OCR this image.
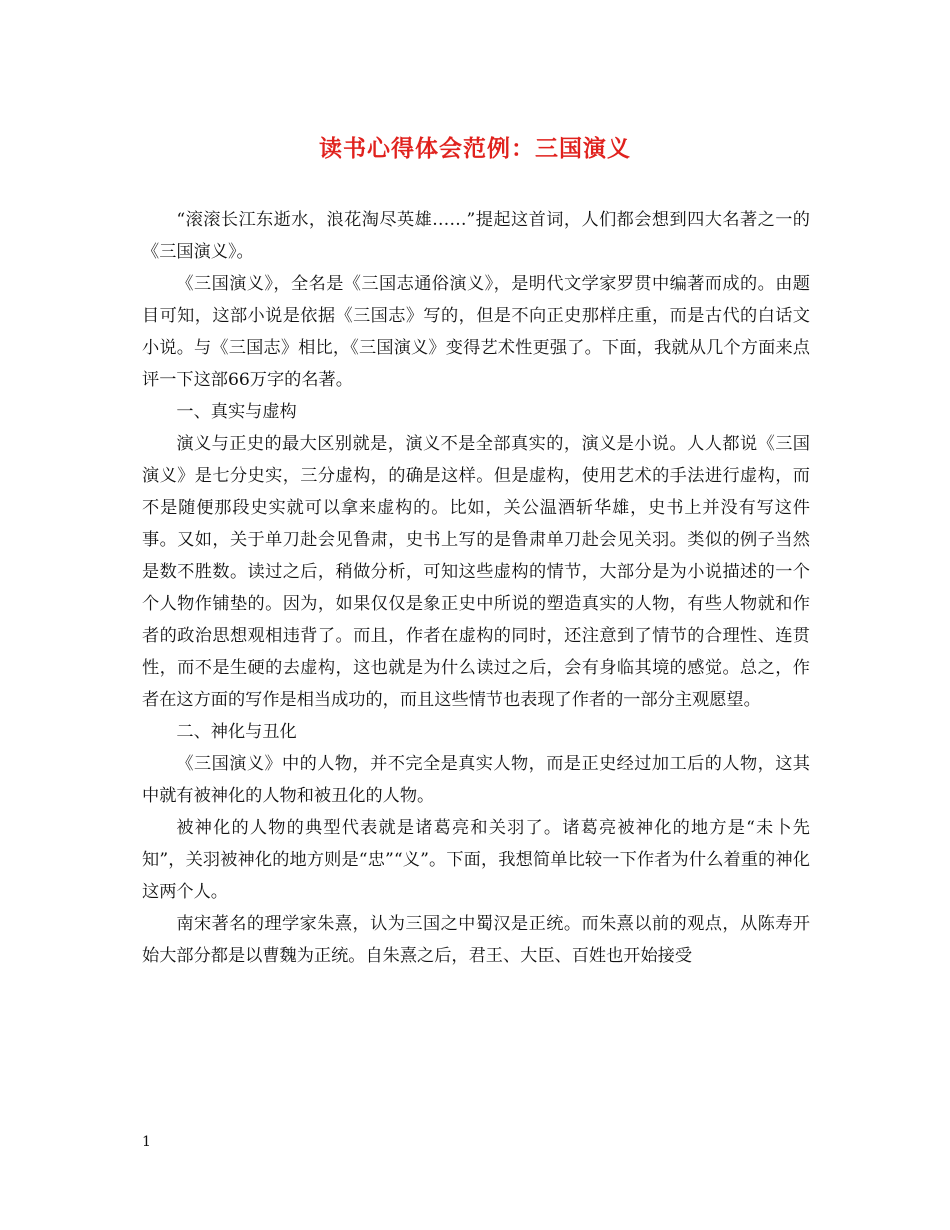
读书心得体会范例：三国演义

“滚滚长江东逝水，浪花淘尽英雄……”提起这首词，人们都会想到四大名著之一的《三国演义》。

《三国演义》，全名是《三国志通俗演义》，是明代文学家罗贯中编著而成的。由题目可知，这部小说是依据《三国志》写的，但是不向正史那样庄重，而是古代的白话文小说。与《三国志》相比，《三国演义》变得艺术性更强了。下面，我就从几个方面来点评一下这部66万字的名著。

一、真实与虚构

演义与正史的最大区别就是，演义不是全部真实的，演义是小说。人人都说《三国演义》是七分史实，三分虚构，的确是这样。但是虚构，使用艺术的手法进行虚构，而不是随便那段史实就可以拿来虚构的。比如，关公温酒斩华雄，史书上并没有写这件事。又如，关于单刀赴会见鲁肃，史书上写的是鲁肃单刀赴会见关羽。类似的例子当然是数不胜数。读过之后，稍做分析，可知这些虚构的情节，大部分是为小说描述的一个个人物作铺垫的。因为，如果仅仅是象正史中所说的塑造真实的人物，有些人物就和作者的政治思想观相违背了。而且，作者在虚构的同时，还注意到了情节的合理性、连贯性，而不是生硬的去虚构，这也就是为什么读过之后，会有身临其境的感觉。总之，作者在这方面的写作是相当成功的，而且这些情节也表现了作者的一部分主观愿望。

二、神化与丑化

《三国演义》中的人物，并不完全是真实人物，而是正史经过加工后的人物，这其中就有被神化的人物和被丑化的人物。

被神化的人物的典型代表就是诸葛亮和关羽了。诸葛亮被神化的地方是“未卜先知”，关羽被神化的地方则是“忠”“义”。下面，我想简单比较一下作者为什么着重的神化这两个人。

南宋著名的理学家朱熹，认为三国之中蜀汉是正统。而朱熹以前的观点，从陈寿开始大部分都是以曹魏为正统。自朱熹之后，君王、大臣、百姓也开始接受

1
